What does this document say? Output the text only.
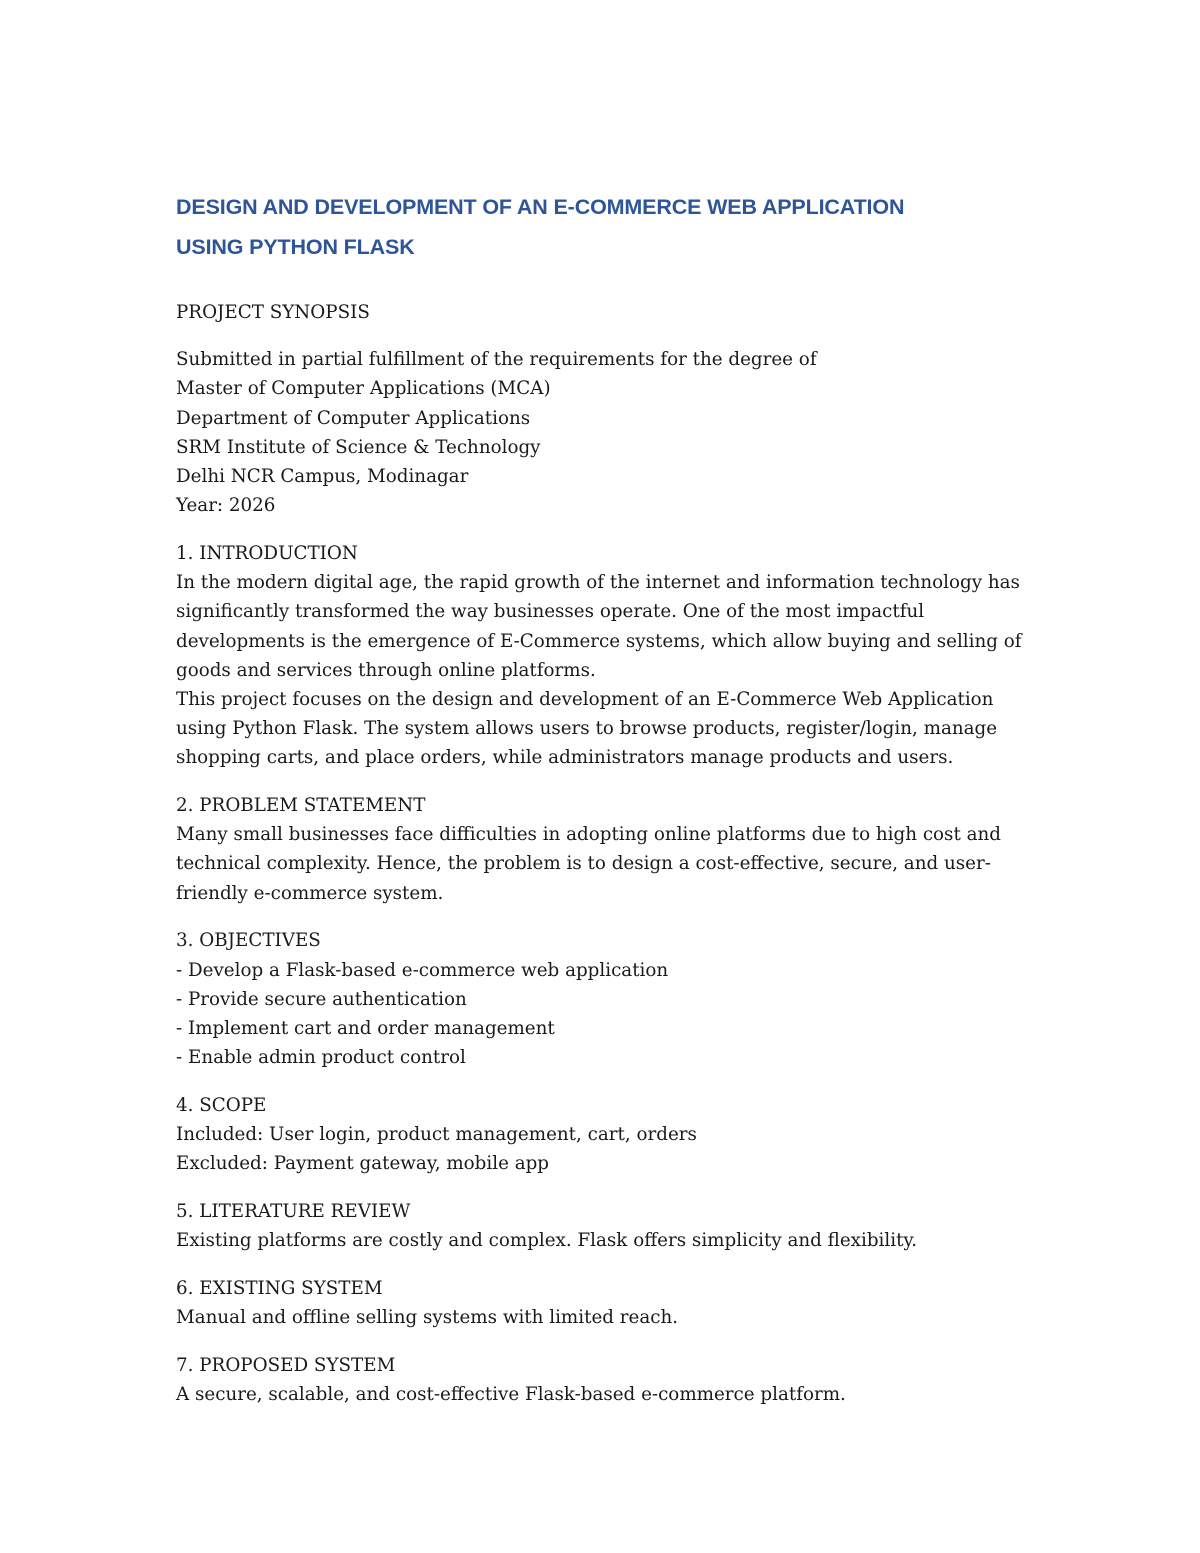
DESIGN AND DEVELOPMENT OF AN E-COMMERCE WEB APPLICATION
USING PYTHON FLASK
PROJECT SYNOPSIS
Submitted in partial fulfillment of the requirements for the degree of
Master of Computer Applications (MCA)
Department of Computer Applications
SRM Institute of Science & Technology
Delhi NCR Campus, Modinagar
Year: 2026
1. INTRODUCTION
In the modern digital age, the rapid growth of the internet and information technology has
significantly transformed the way businesses operate. One of the most impactful
developments is the emergence of E-Commerce systems, which allow buying and selling of
goods and services through online platforms.
This project focuses on the design and development of an E-Commerce Web Application
using Python Flask. The system allows users to browse products, register/login, manage
shopping carts, and place orders, while administrators manage products and users.
2. PROBLEM STATEMENT
Many small businesses face difficulties in adopting online platforms due to high cost and
technical complexity. Hence, the problem is to design a cost-effective, secure, and user-
friendly e-commerce system.
3. OBJECTIVES
- Develop a Flask-based e-commerce web application
- Provide secure authentication
- Implement cart and order management
- Enable admin product control
4. SCOPE
Included: User login, product management, cart, orders
Excluded: Payment gateway, mobile app
5. LITERATURE REVIEW
Existing platforms are costly and complex. Flask offers simplicity and flexibility.
6. EXISTING SYSTEM
Manual and offline selling systems with limited reach.
7. PROPOSED SYSTEM
A secure, scalable, and cost-effective Flask-based e-commerce platform.
